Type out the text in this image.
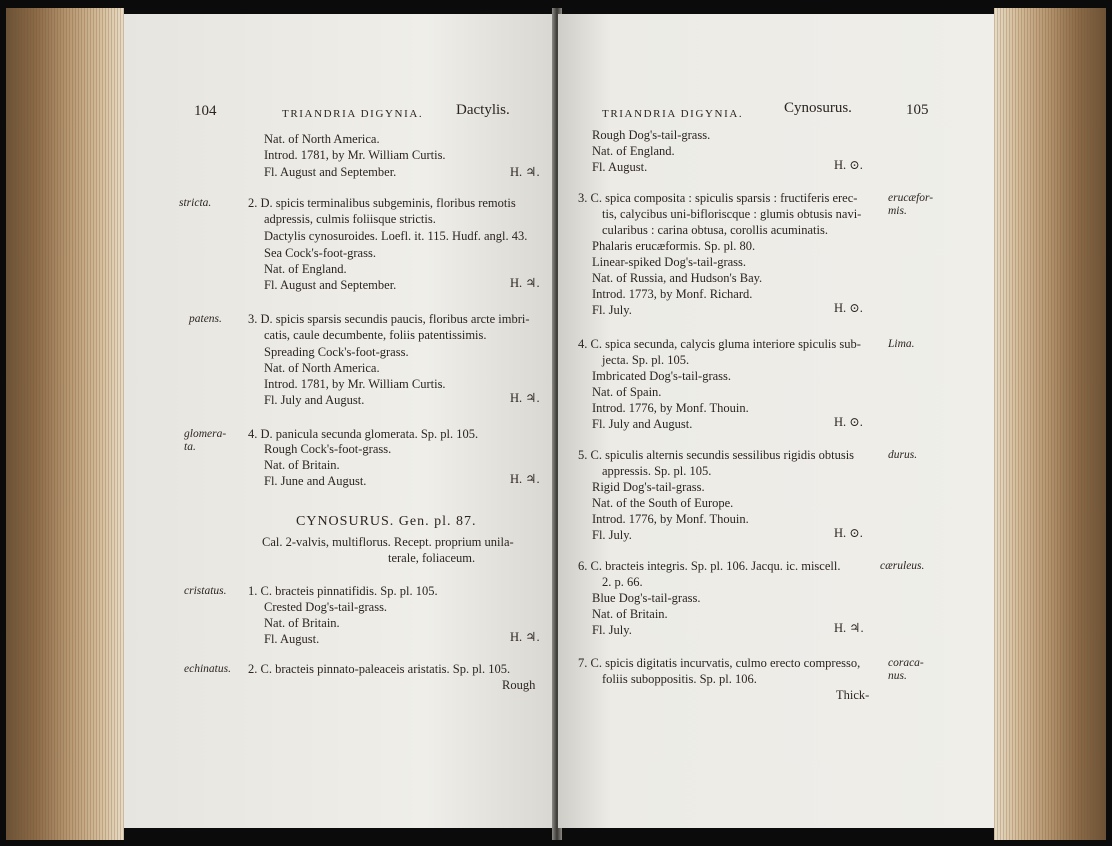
104	TRIANDRIA DIGYNIA. Dactylis.
Nat. of North America.
Introd. 1781, by Mr. William Curtis.
Fl. August and September.	H. ♃.
stricta.	2. D. spicis terminalibus subgeminis, floribus remotis
adpressis, culmis foliisque strictis.
Dactylis cynosuroides. Loefl. it. 115. Hudf. angl. 43.
Sea Cock's-foot-grass.
Nat. of England.
Fl. August and September.	H. ♃.
patens. 3. D. spicis sparsis secundis paucis, floribus arcte imbri-
catis, caule decumbente, foliis patentissimis.
Spreading Cock's-foot-grass.
Nat. of North America.
Introd. 1781, by Mr. William Curtis.
Fl. July and August.	H. ♃.
glomera-
ta.
4. D. panicula secunda glomerata. Sp. pl. 105.
Rough Cock's-foot-grass.
Nat. of Britain.
Fl. June and August.	H. ♃.
CYNOSURUS. Gen. pl. 87.
Cal. 2-valvis, multiflorus. Recept. proprium unila-
terale, foliaceum.
cristatus. 1. C. bracteis pinnatifidis. Sp. pl. 105.
Crested Dog's-tail-grass.
Nat. of Britain.
Fl. August.	H. ♃.
echinatus. 2. C. bracteis pinnato-paleaceis aristatis. Sp. pl. 105.
Rough
TRIANDRIA DIGYNIA.	Cynosurus.	105
Rough Dog's-tail-grass.
Nat. of England.
Fl. August.	H. ⊙.
3. C. spica composita : spiculis sparsis : fructiferis erec-
tis, calycibus uni-bifloriscque : glumis obtusis navi-
cularibus : carina obtusa, corollis acuminatis.
Phalaris erucæformis. Sp. pl. 80.
Linear-spiked Dog's-tail-grass.
Nat. of Russia, and Hudson's Bay.
Introd. 1773, by Monf. Richard.
Fl. July.	H. ⊙.
erucæfor-
mis.
4. C. spica secunda, calycis gluma interiore spiculis sub-
jecta. Sp. pl. 105.
Imbricated Dog's-tail-grass.
Nat. of Spain.
Introd. 1776, by Monf. Thouin.
Fl. July and August.	H. ⊙.
Lima.
5. C. spiculis alternis secundis sessilibus rigidis obtusis
appressis. Sp. pl. 105.
Rigid Dog's-tail-grass.
Nat. of the South of Europe.
Introd. 1776, by Monf. Thouin.
Fl. July.	H. ⊙.
durus.
6. C. bracteis integris. Sp. pl. 106. Jacqu. ic. miscell.
2. p. 66.
Blue Dog's-tail-grass.
Nat. of Britain.
Fl. July.	H. ♃.
cæruleus.
7. C. spicis digitatis incurvatis, culmo erecto compresso,
foliis suboppositis. Sp. pl. 106.
Thick-
coraca-
nus.
